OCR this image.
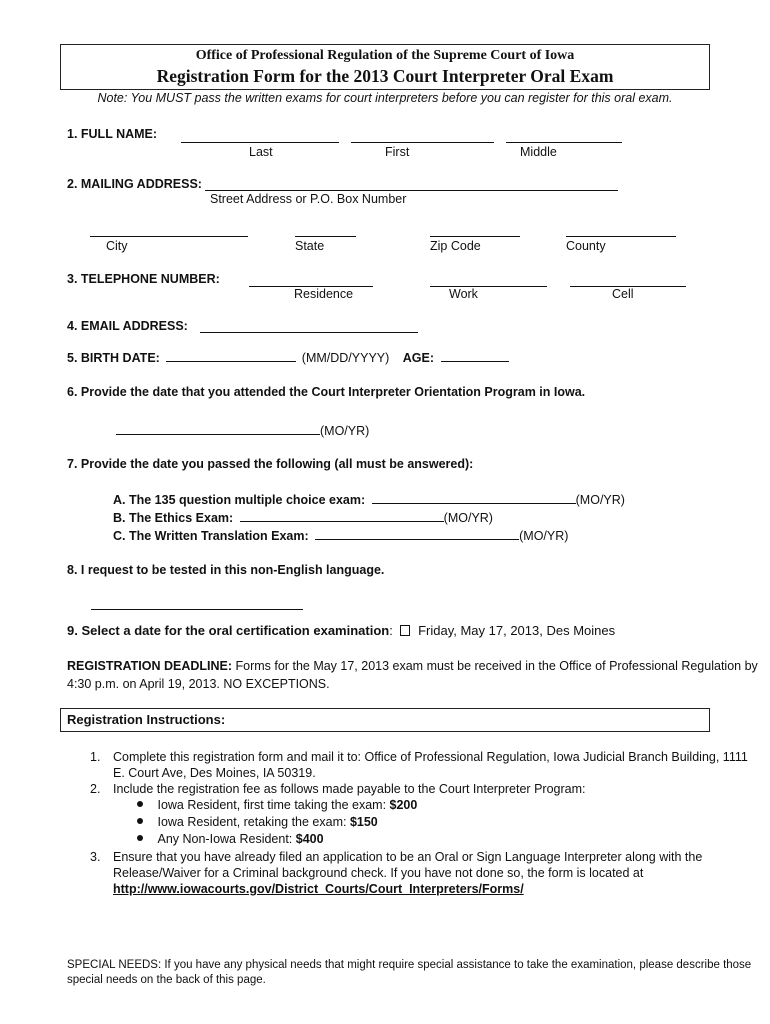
Office of Professional Regulation of the Supreme Court of Iowa
Registration Form for the 2013 Court Interpreter Oral Exam
Note: You MUST pass the written exams for court interpreters before you can register for this oral exam.
1. FULL NAME:
Last	First	Middle
2. MAILING ADDRESS:
Street Address or P.O. Box Number
City	State	Zip Code	County
3. TELEPHONE NUMBER:
Residence	Work	Cell
4. EMAIL ADDRESS:
5. BIRTH DATE:	(MM/DD/YYYY) AGE:
6. Provide the date that you attended the Court Interpreter Orientation Program in Iowa.
(MO/YR)
7. Provide the date you passed the following (all must be answered):
A. The 135 question multiple choice exam:	(MO/YR)
B. The Ethics Exam:	(MO/YR)
C. The Written Translation Exam:	(MO/YR)
8. I request to be tested in this non-English language.
9. Select a date for the oral certification examination: Friday, May 17, 2013, Des Moines
REGISTRATION DEADLINE: Forms for the May 17, 2013 exam must be received in the Office of Professional Regulation by
4:30 p.m. on April 19, 2013. NO EXCEPTIONS.
Registration Instructions:
1. Complete this registration form and mail it to: Office of Professional Regulation, Iowa Judicial Branch Building, 1111
E. Court Ave, Des Moines, IA 50319.
2. Include the registration fee as follows made payable to the Court Interpreter Program:
Iowa Resident, first time taking the exam: $200
Iowa Resident, retaking the exam: $150
Any Non-Iowa Resident: $400
3. Ensure that you have already filed an application to be an Oral or Sign Language Interpreter along with the
Release/Waiver for a Criminal background check. If you have not done so, the form is located at
http://www.iowacourts.gov/District_Courts/Court_Interpreters/Forms/
SPECIAL NEEDS: If you have any physical needs that might require special assistance to take the examination, please describe those
special needs on the back of this page.
